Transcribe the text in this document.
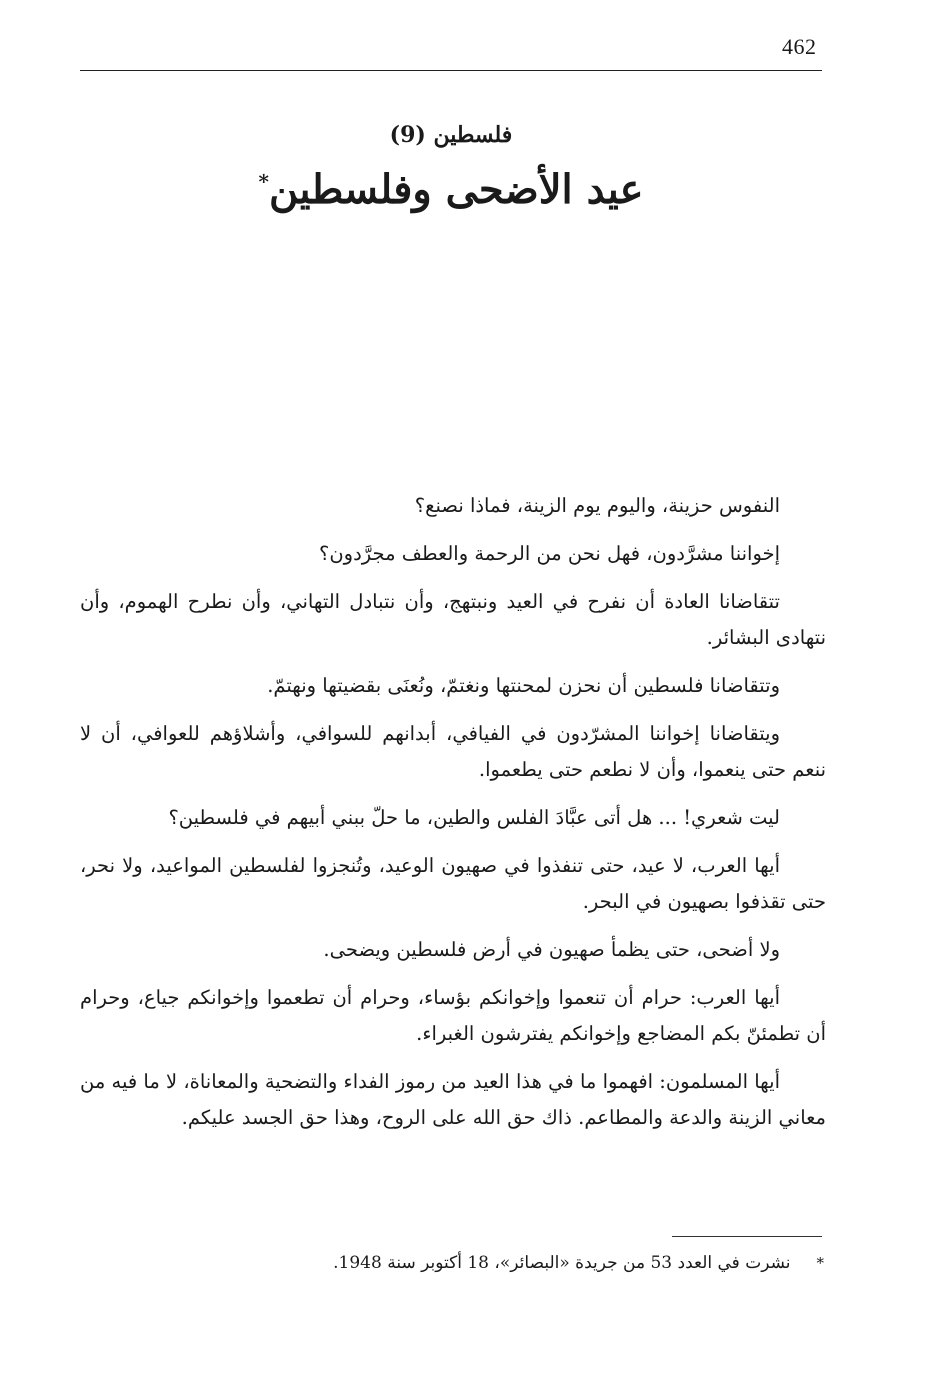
462
فلسطين (9)
عيد الأضحى وفلسطين*

النفوس حزينة، واليوم يوم الزينة، فماذا نصنع؟

إخواننا مشرَّدون، فهل نحن من الرحمة والعطف مجرَّدون؟

تتقاضانا العادة أن نفرح في العيد ونبتهج، وأن نتبادل التهاني، وأن نطرح الهموم، وأن نتهادى البشائر.

وتتقاضانا فلسطين أن نحزن لمحنتها ونغتمّ، ونُعنَى بقضيتها ونهتمّ.

ويتقاضانا إخواننا المشرّدون في الفيافي، أبدانهم للسوافي، وأشلاؤهم للعوافي، أن لا ننعم حتى ينعموا، وأن لا نطعم حتى يطعموا.

ليت شعري! ... هل أتى عبَّادَ الفلس والطين، ما حلّ ببني أبيهم في فلسطين؟

أيها العرب، لا عيد، حتى تنفذوا في صهيون الوعيد، وتُنجزوا لفلسطين المواعيد، ولا نحر، حتى تقذفوا بصهيون في البحر.

ولا أضحى، حتى يظمأ صهيون في أرض فلسطين ويضحى.

أيها العرب: حرام أن تنعموا وإخوانكم بؤساء، وحرام أن تطعموا وإخوانكم جياع، وحرام أن تطمئنّ بكم المضاجع وإخوانكم يفترشون الغبراء.

أيها المسلمون: افهموا ما في هذا العيد من رموز الفداء والتضحية والمعاناة، لا ما فيه من معاني الزينة والدعة والمطاعم. ذاك حق الله على الروح، وهذا حق الجسد عليكم.

*نشرت في العدد 53 من جريدة «البصائر»، 18 أكتوبر سنة 1948.
